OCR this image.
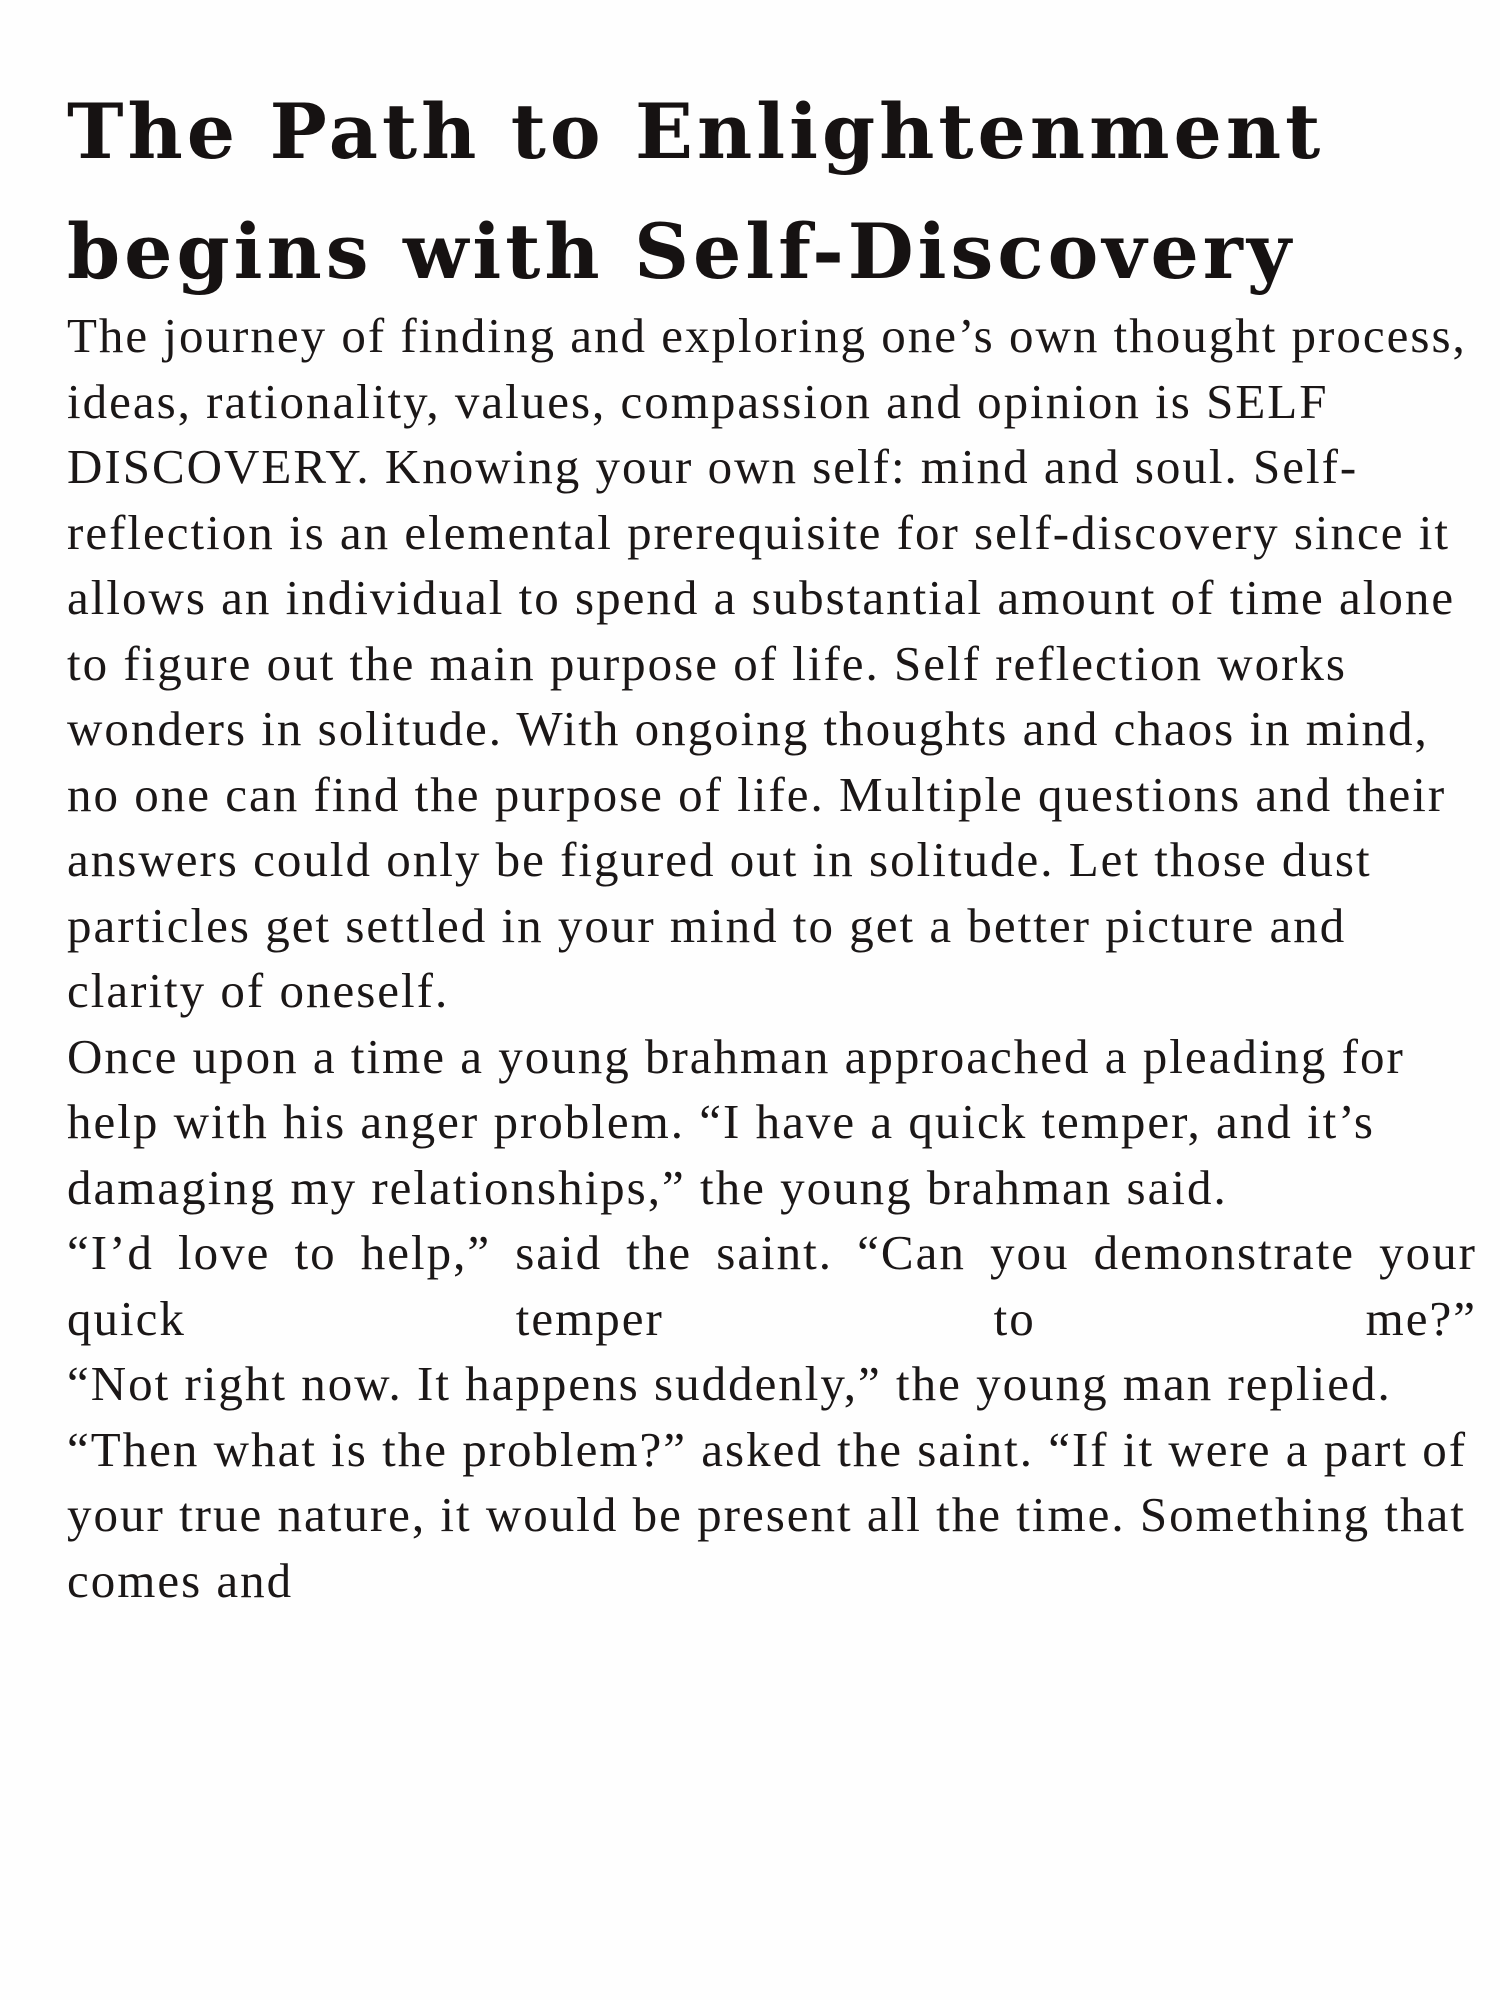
The Path to Enlightenment
begins with Self-Discovery

The journey of finding and exploring one’s own thought process, ideas, rationality, values, compassion and opinion is SELF DISCOVERY. Knowing your own self: mind and soul. Self-reflection is an elemental prerequisite for self-discovery since it allows an individual to spend a substantial amount of time alone to figure out the main purpose of life. Self reflection works wonders in solitude. With ongoing thoughts and chaos in mind, no one can find the purpose of life. Multiple questions and their answers could only be figured out in solitude. Let those dust particles get settled in your mind to get a better picture and clarity of oneself.

Once upon a time a young brahman approached a pleading for help with his anger problem. “I have a quick temper, and it’s damaging my relationships,” the young brahman said.

“I’d love to help,” said the saint. “Can you demonstrate your quick temper to me?”

“Not right now. It happens suddenly,” the young man replied.

“Then what is the problem?” asked the saint. “If it were a part of your true nature, it would be present all the time. Something that comes and
